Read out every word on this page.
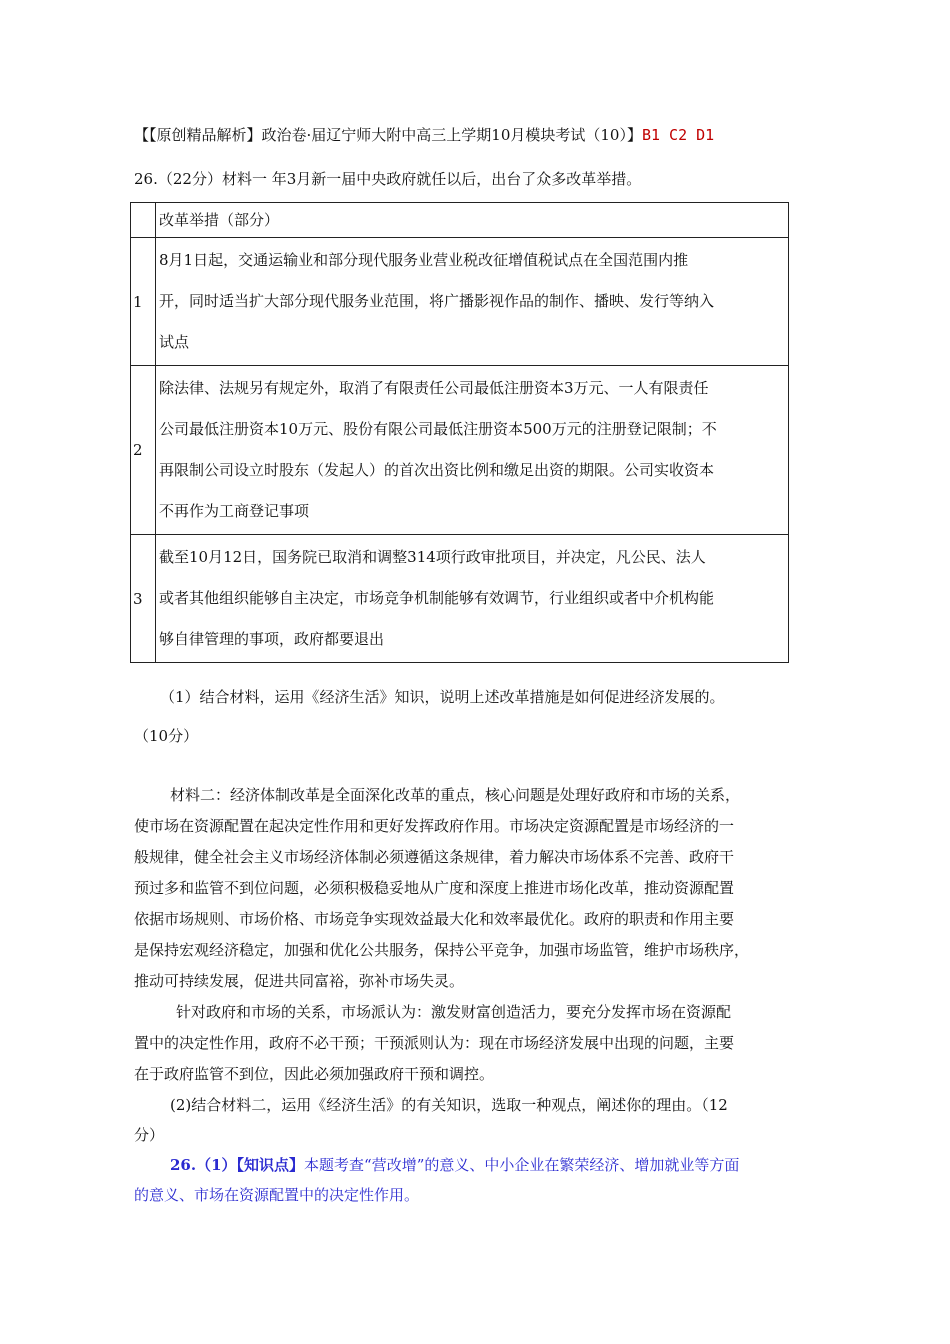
【【原创精品解析】政治卷·届辽宁师大附中高三上学期10月模块考试（10）】B1 C2 D1
26.（22分）材料一 年3月新一届中央政府就任以后，出台了众多改革举措。
	改革举措（部分）
1	8月1日起，交通运输业和部分现代服务业营业税改征增值税试点在全国范围内推
开，同时适当扩大部分现代服务业范围，将广播影视作品的制作、播映、发行等纳入
试点

2	除法律、法规另有规定外，取消了有限责任公司最低注册资本3万元、一人有限责任
公司最低注册资本10万元、股份有限公司最低注册资本500万元的注册登记限制；不
再限制公司设立时股东（发起人）的首次出资比例和缴足出资的期限。公司实收资本
不再作为工商登记事项

3	截至10月12日，国务院已取消和调整314项行政审批项目，并决定，凡公民、法人
或者其他组织能够自主决定，市场竞争机制能够有效调节，行业组织或者中介机构能
够自律管理的事项，政府都要退出
（1）结合材料，运用《经济生活》知识，说明上述改革措施是如何促进经济发展的。
（10分）
材料二：经济体制改革是全面深化改革的重点，核心问题是处理好政府和市场的关系，
使市场在资源配置在起决定性作用和更好发挥政府作用。市场决定资源配置是市场经济的一
般规律，健全社会主义市场经济体制必须遵循这条规律，着力解决市场体系不完善、政府干
预过多和监管不到位问题，必须积极稳妥地从广度和深度上推进市场化改革，推动资源配置
依据市场规则、市场价格、市场竞争实现效益最大化和效率最优化。政府的职责和作用主要
是保持宏观经济稳定，加强和优化公共服务，保持公平竞争，加强市场监管，维护市场秩序，
推动可持续发展，促进共同富裕，弥补市场失灵。
针对政府和市场的关系，市场派认为：激发财富创造活力，要充分发挥市场在资源配
置中的决定性作用，政府不必干预；干预派则认为：现在市场经济发展中出现的问题，主要
在于政府监管不到位，因此必须加强政府干预和调控。
(2)结合材料二，运用《经济生活》的有关知识，选取一种观点，阐述你的理由。（12
分）
26.（1）【知识点】本题考查“营改增”的意义、中小企业在繁荣经济、增加就业等方面
的意义、市场在资源配置中的决定性作用。
